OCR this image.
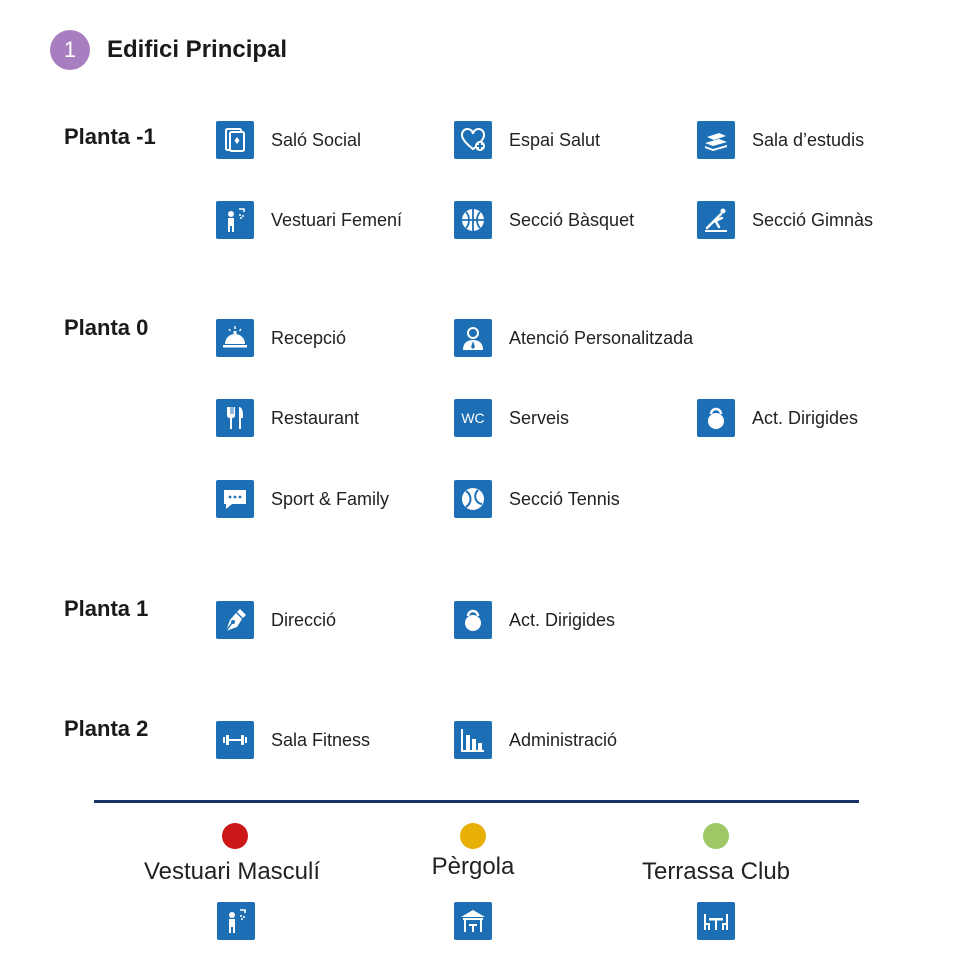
1	Edifici Principal
Planta -1	Saló Social	Espai Salut	Sala d’estudis
Vestuari Femení	Secció Bàsquet	Secció Gimnàs
Planta 0	Recepció	Atenció Personalitzada
Restaurant	WC Serveis	Act. Dirigides
Sport & Family	Secció Tennis
Planta 1	Direcció	Act. Dirigides
Planta 2	Sala Fitness	Administració
Vestuari Masculí	Pèrgola	Terrassa Club
